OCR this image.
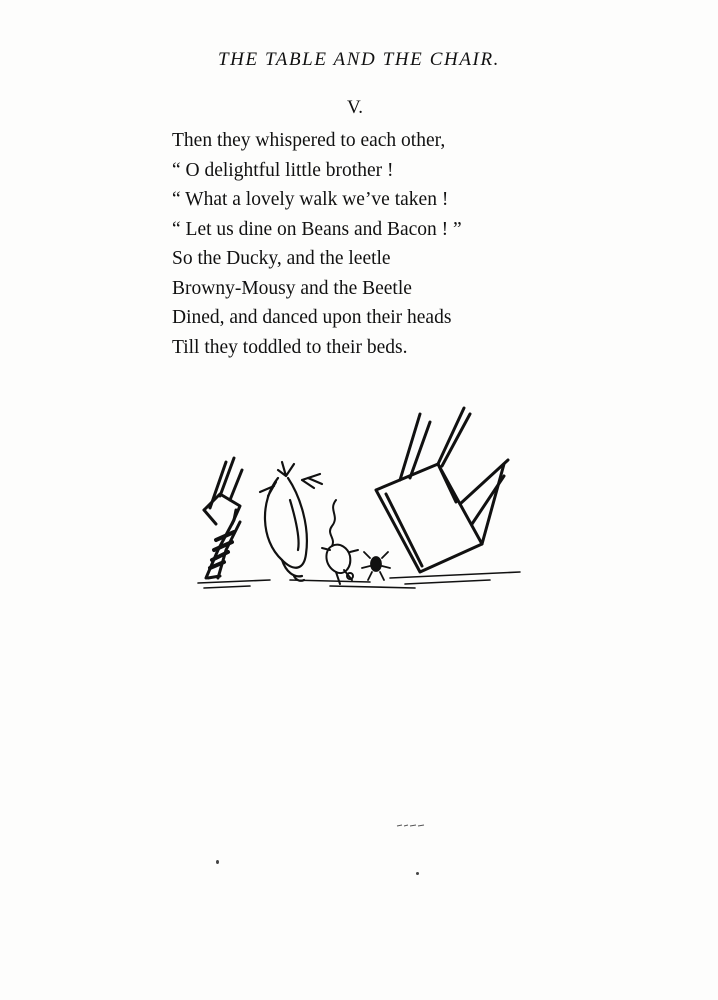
THE TABLE AND THE CHAIR.
V.
Then they whispered to each other,
“ O delightful little brother !
“ What a lovely walk we’ve taken !
“ Let us dine on Beans and Bacon ! ”
So the Ducky, and the leetle
Browny-Mousy and the Beetle
Dined, and danced upon their heads
Till they toddled to their beds.
